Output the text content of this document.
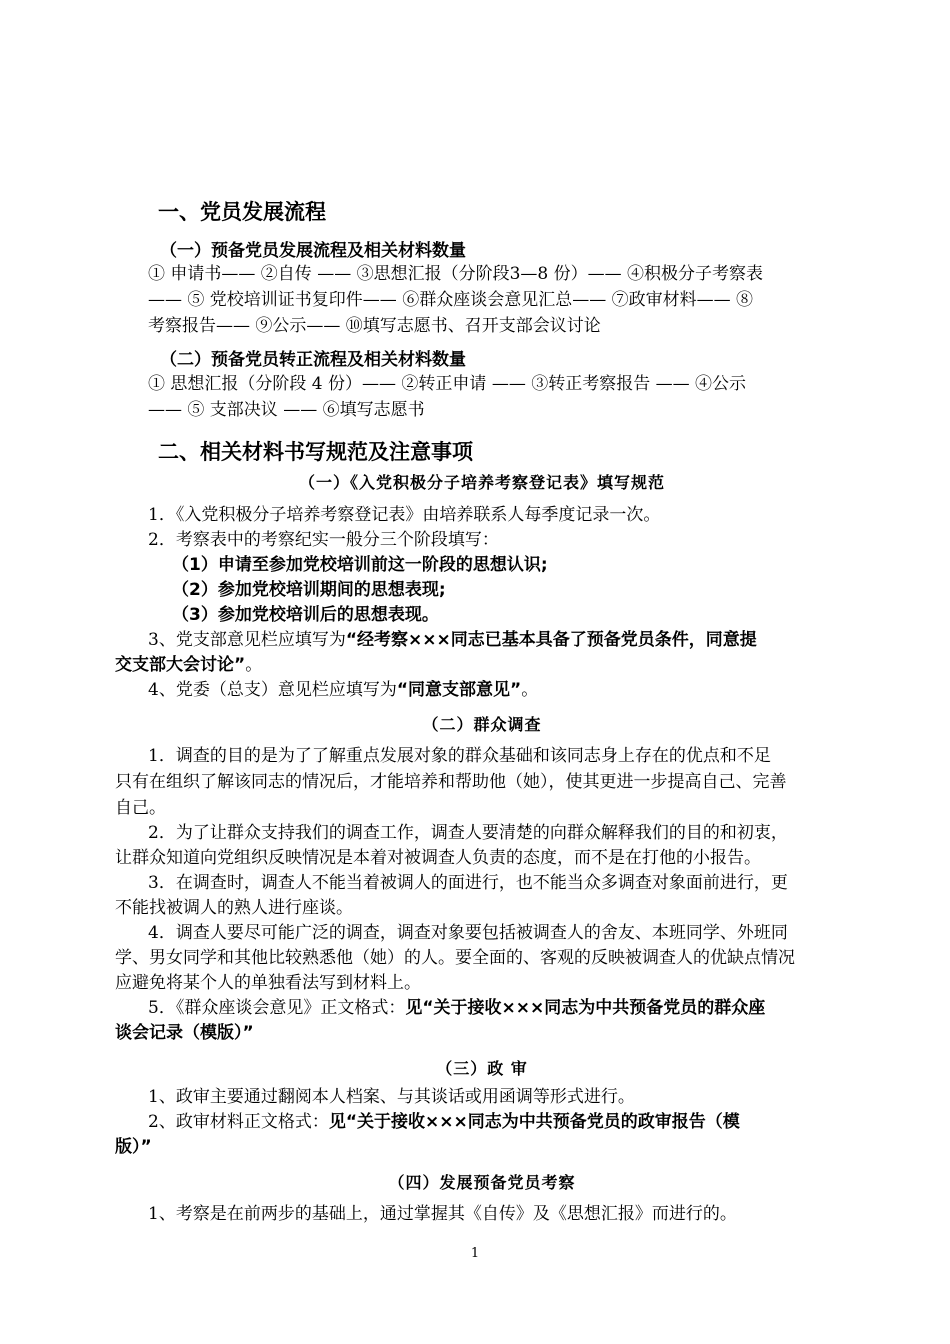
一、党员发展流程
（一）预备党员发展流程及相关材料数量
① 申请书—— ②自传 —— ③思想汇报（分阶段3—8 份）—— ④积极分子考察表
—— ⑤ 党校培训证书复印件—— ⑥群众座谈会意见汇总—— ⑦政审材料—— ⑧
考察报告—— ⑨公示—— ⑩填写志愿书、召开支部会议讨论
（二）预备党员转正流程及相关材料数量
① 思想汇报（分阶段 4 份）—— ②转正申请 —— ③转正考察报告 —— ④公示
—— ⑤ 支部决议 —— ⑥填写志愿书
二、相关材料书写规范及注意事项
（一）《入党积极分子培养考察登记表》填写规范
1．《入党积极分子培养考察登记表》由培养联系人每季度记录一次。
2．考察表中的考察纪实一般分三个阶段填写：
（1）申请至参加党校培训前这一阶段的思想认识;
（2）参加党校培训期间的思想表现;
（3）参加党校培训后的思想表现。
3、党支部意见栏应填写为“经考察×××同志已基本具备了预备党员条件，同意提
交支部大会讨论”。
4、党委（总支）意见栏应填写为“同意支部意见”。
（二）群众调查
1．调查的目的是为了了解重点发展对象的群众基础和该同志身上存在的优点和不足
只有在组织了解该同志的情况后，才能培养和帮助他（她），使其更进一步提高自己、完善
自己。
2．为了让群众支持我们的调查工作，调查人要清楚的向群众解释我们的目的和初衷，
让群众知道向党组织反映情况是本着对被调查人负责的态度，而不是在打他的小报告。
3．在调查时，调查人不能当着被调人的面进行，也不能当众多调查对象面前进行，更
不能找被调人的熟人进行座谈。
4．调查人要尽可能广泛的调查，调查对象要包括被调查人的舍友、本班同学、外班同
学、男女同学和其他比较熟悉他（她）的人。要全面的、客观的反映被调查人的优缺点情况
应避免将某个人的单独看法写到材料上。
5．《群众座谈会意见》正文格式：见“关于接收×××同志为中共预备党员的群众座
谈会记录（模版）”
（三）政 审
1、政审主要通过翻阅本人档案、与其谈话或用函调等形式进行。
2、政审材料正文格式：见“关于接收×××同志为中共预备党员的政审报告（模
版）”
（四）发展预备党员考察
1、考察是在前两步的基础上，通过掌握其《自传》及《思想汇报》而进行的。
1
